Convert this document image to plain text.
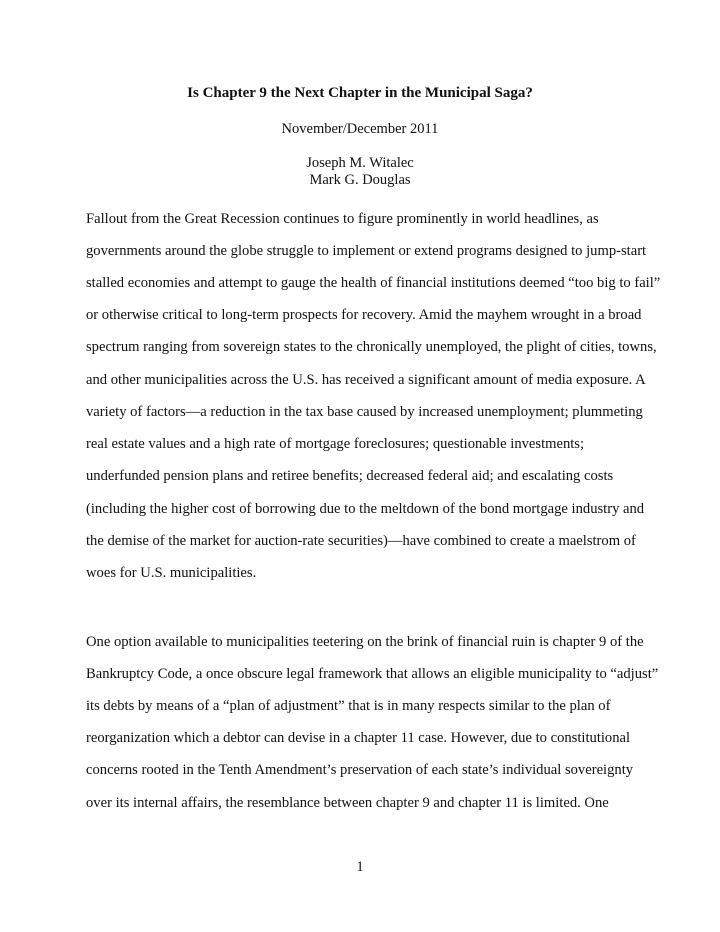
Is Chapter 9 the Next Chapter in the Municipal Saga?
November/December 2011
Joseph M. Witalec
Mark G. Douglas
Fallout from the Great Recession continues to figure prominently in world headlines, as
governments around the globe struggle to implement or extend programs designed to jump-start
stalled economies and attempt to gauge the health of financial institutions deemed “too big to fail”
or otherwise critical to long-term prospects for recovery. Amid the mayhem wrought in a broad
spectrum ranging from sovereign states to the chronically unemployed, the plight of cities, towns,
and other municipalities across the U.S. has received a significant amount of media exposure. A
variety of factors―a reduction in the tax base caused by increased unemployment; plummeting
real estate values and a high rate of mortgage foreclosures; questionable investments;
underfunded pension plans and retiree benefits; decreased federal aid; and escalating costs
(including the higher cost of borrowing due to the meltdown of the bond mortgage industry and
the demise of the market for auction-rate securities)―have combined to create a maelstrom of
woes for U.S. municipalities.
One option available to municipalities teetering on the brink of financial ruin is chapter 9 of the
Bankruptcy Code, a once obscure legal framework that allows an eligible municipality to “adjust”
its debts by means of a “plan of adjustment” that is in many respects similar to the plan of
reorganization which a debtor can devise in a chapter 11 case. However, due to constitutional
concerns rooted in the Tenth Amendment’s preservation of each state’s individual sovereignty
over its internal affairs, the resemblance between chapter 9 and chapter 11 is limited. One
1
